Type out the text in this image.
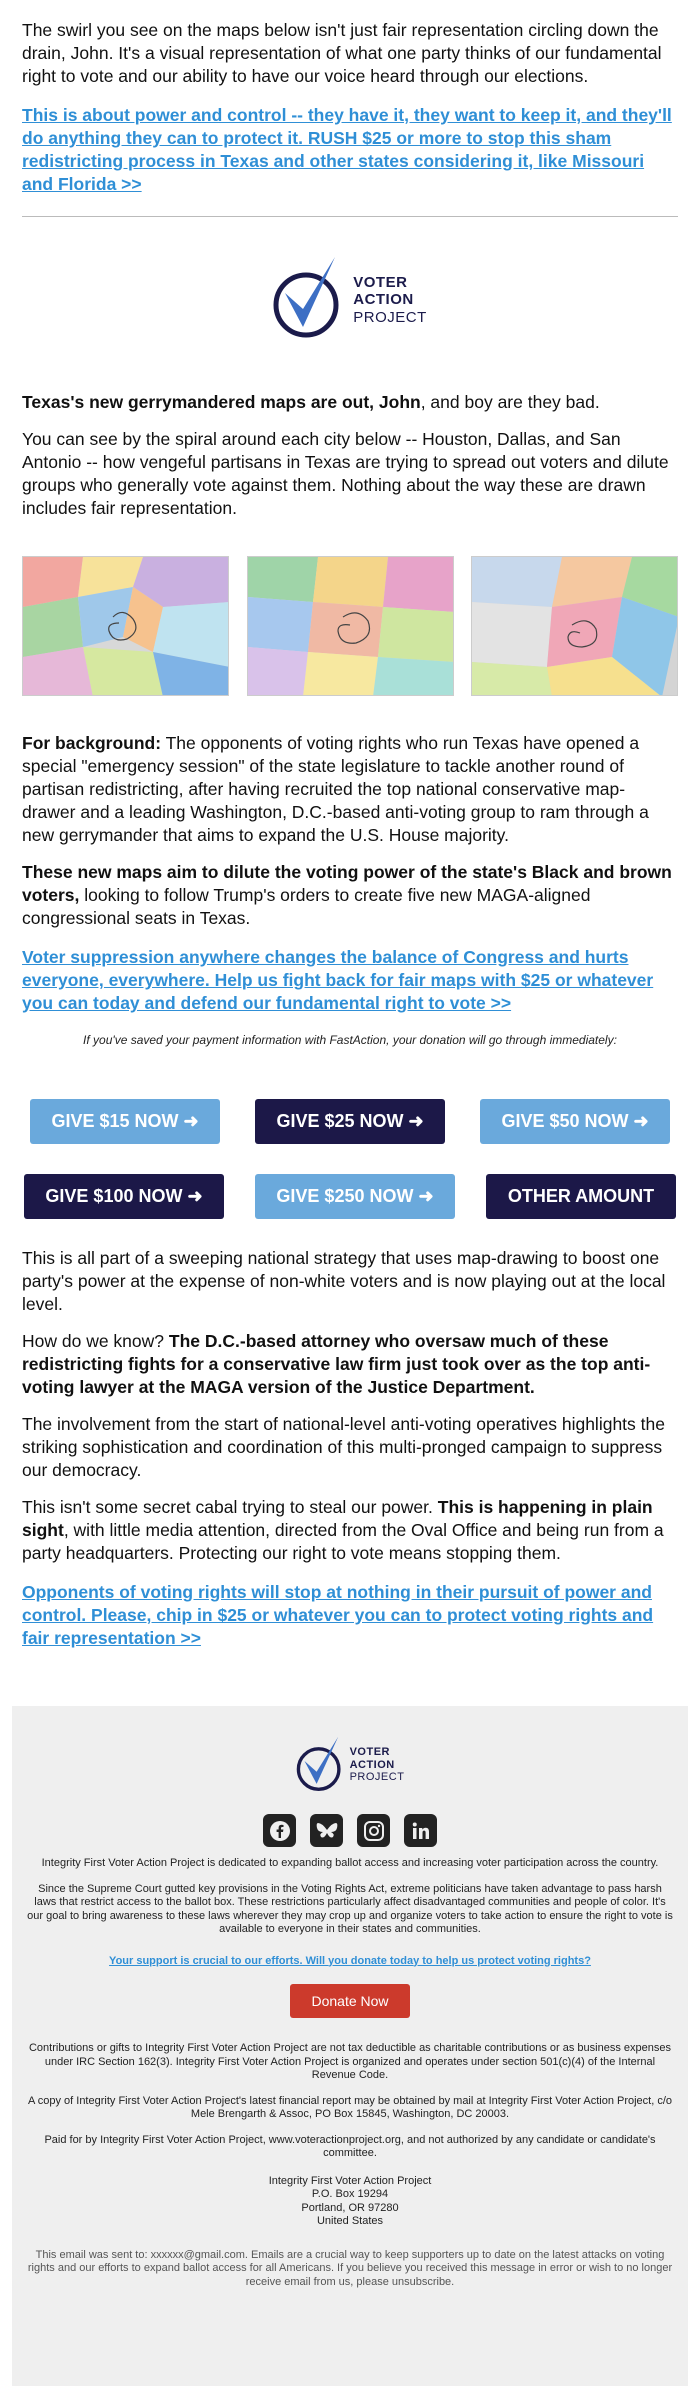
The swirl you see on the maps below isn't just fair representation circling down the drain, John. It's a visual representation of what one party thinks of our fundamental right to vote and our ability to have our voice heard through our elections.

This is about power and control -- they have it, they want to keep it, and they'll do anything they can to protect it. RUSH $25 or more to stop this sham redistricting process in Texas and other states considering it, like Missouri and Florida >>
VOTER
ACTION
PROJECT

Texas's new gerrymandered maps are out, John, and boy are they bad.

You can see by the spiral around each city below -- Houston, Dallas, and San Antonio -- how vengeful partisans in Texas are trying to spread out voters and dilute groups who generally vote against them. Nothing about the way these are drawn includes fair representation.

For background: The opponents of voting rights who run Texas have opened a special "emergency session" of the state legislature to tackle another round of partisan redistricting, after having recruited the top national conservative map-drawer and a leading Washington, D.C.-based anti-voting group to ram through a new gerrymander that aims to expand the U.S. House majority.

These new maps aim to dilute the voting power of the state's Black and brown voters, looking to follow Trump's orders to create five new MAGA-aligned congressional seats in Texas.

Voter suppression anywhere changes the balance of Congress and hurts everyone, everywhere. Help us fight back for fair maps with $25 or whatever you can today and defend our fundamental right to vote >>

If you've saved your payment information with FastAction, your donation will go through immediately:

GIVE $15 NOW ➜	GIVE $25 NOW ➜	GIVE $50 NOW ➜
GIVE $100 NOW ➜	GIVE $250 NOW ➜	OTHER AMOUNT

This is all part of a sweeping national strategy that uses map-drawing to boost one party's power at the expense of non-white voters and is now playing out at the local level.

How do we know? The D.C.-based attorney who oversaw much of these redistricting fights for a conservative law firm just took over as the top anti-voting lawyer at the MAGA version of the Justice Department.

The involvement from the start of national-level anti-voting operatives highlights the striking sophistication and coordination of this multi-pronged campaign to suppress our democracy.

This isn't some secret cabal trying to steal our power. This is happening in plain sight, with little media attention, directed from the Oval Office and being run from a party headquarters. Protecting our right to vote means stopping them.

Opponents of voting rights will stop at nothing in their pursuit of power and control. Please, chip in $25 or whatever you can to protect voting rights and fair representation >>
VOTER
ACTION
PROJECT

Integrity First Voter Action Project is dedicated to expanding ballot access and increasing voter participation across the country.

Since the Supreme Court gutted key provisions in the Voting Rights Act, extreme politicians have taken advantage to pass harsh laws that restrict access to the ballot box. These restrictions particularly affect disadvantaged communities and people of color. It's our goal to bring awareness to these laws wherever they may crop up and organize voters to take action to ensure the right to vote is available to everyone in their states and communities.

Your support is crucial to our efforts. Will you donate today to help us protect voting rights?

Donate Now

Contributions or gifts to Integrity First Voter Action Project are not tax deductible as charitable contributions or as business expenses under IRC Section 162(3). Integrity First Voter Action Project is organized and operates under section 501(c)(4) of the Internal Revenue Code.

A copy of Integrity First Voter Action Project's latest financial report may be obtained by mail at Integrity First Voter Action Project, c/o Mele Brengarth & Assoc, PO Box 15845, Washington, DC 20003.

Paid for by Integrity First Voter Action Project, www.voteractionproject.org, and not authorized by any candidate or candidate's committee.

Integrity First Voter Action Project

P.O. Box 19294

Portland, OR 97280

United States

This email was sent to: xxxxxx@gmail.com. Emails are a crucial way to keep supporters up to date on the latest attacks on voting rights and our efforts to expand ballot access for all Americans. If you believe you received this message in error or wish to no longer receive email from us, please unsubscribe.
